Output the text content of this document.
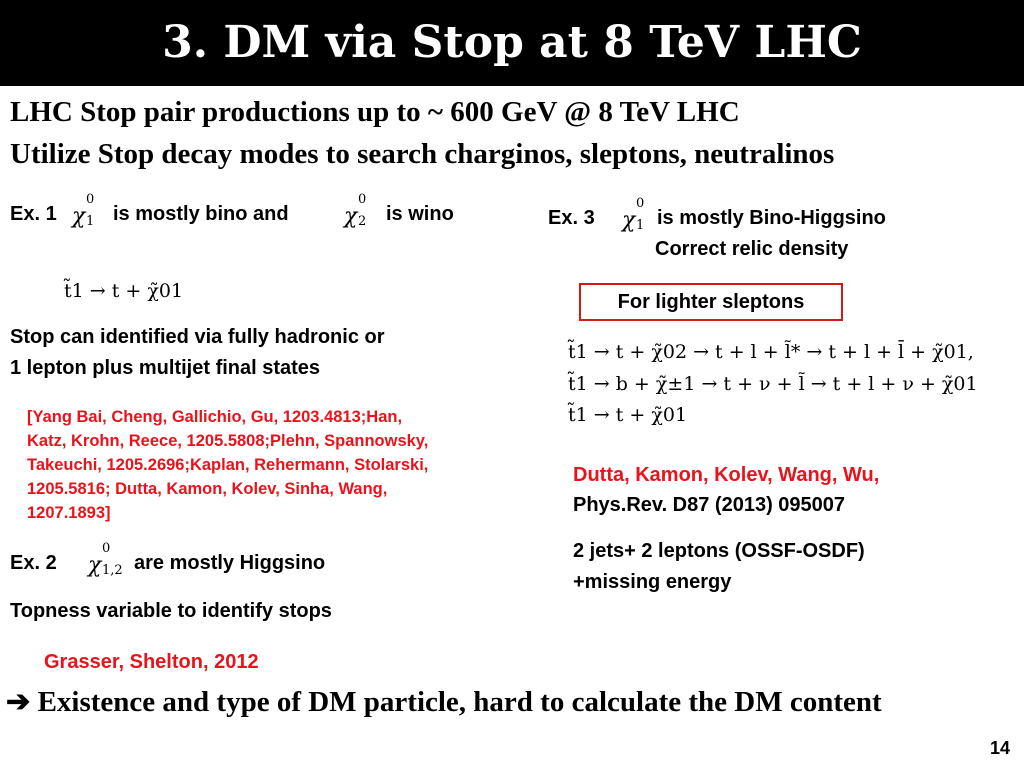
3. DM via Stop at 8 TeV LHC
LHC Stop pair productions up to ~ 600 GeV @ 8 TeV LHC
Utilize Stop decay modes to search charginos, sleptons, neutralinos
Ex. 1 χ
0
1 is mostly bino and	χ
0
2 is wino
t̃1 → t + χ̃01
Stop can identified via fully hadronic or
1 lepton plus multijet final states
[Yang Bai, Cheng, Gallichio, Gu, 1203.4813;Han,
Katz, Krohn, Reece, 1205.5808;Plehn, Spannowsky,
Takeuchi, 1205.2696;Kaplan, Rehermann, Stolarski,
1205.5816; Dutta, Kamon, Kolev, Sinha, Wang,
1207.1893]
Ex. 2 χ
0
1,2 are mostly Higgsino
Topness variable to identify stops
Grasser, Shelton, 2012
Ex. 3 χ
0
1 is mostly Bino-Higgsino
Correct relic density
For lighter sleptons
t̃1 → t + χ̃02 → t + l + l̃* → t + l + l̄ + χ̃01,
t̃1 → b + χ̃±1 → t + ν + l̃ → t + l + ν + χ̃01
t̃1 → t + χ̃01
Dutta, Kamon, Kolev, Wang, Wu,
Phys.Rev. D87 (2013) 095007
2 jets+ 2 leptons (OSSF-OSDF)
+missing energy
➔ Existence and type of DM particle, hard to calculate the DM content
14
